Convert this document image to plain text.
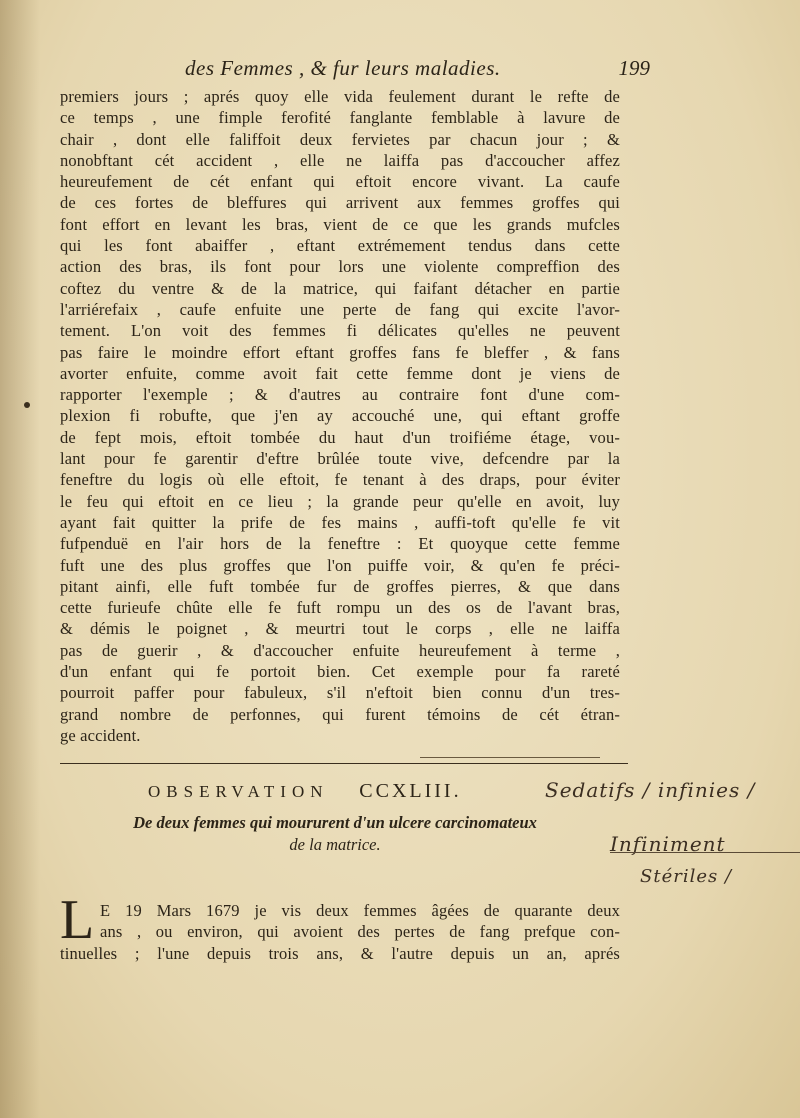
des Femmes , & fur leurs maladies.	199
premiers jours ; aprés quoy elle vida feulement durant le refte de
ce temps , une fimple ferofité fanglante femblable à lavure de
chair , dont elle faliffoit deux fervietes par chacun jour ; &
nonobftant cét accident , elle ne laiffa pas d'accoucher affez
heureufement de cét enfant qui eftoit encore vivant. La caufe
de ces fortes de bleffures qui arrivent aux femmes groffes qui
font effort en levant les bras, vient de ce que les grands mufcles
qui les font abaiffer , eftant extrémement tendus dans cette
action des bras, ils font pour lors une violente compreffion des
coftez du ventre & de la matrice, qui faifant détacher en partie
l'arriérefaix , caufe enfuite une perte de fang qui excite l'avor-
tement. L'on voit des femmes fi délicates qu'elles ne peuvent
pas faire le moindre effort eftant groffes fans fe bleffer , & fans
avorter enfuite, comme avoit fait cette femme dont je viens de
rapporter l'exemple ; & d'autres au contraire font d'une com-
plexion fi robufte, que j'en ay accouché une, qui eftant groffe
de fept mois, eftoit tombée du haut d'un troifiéme étage, vou-
lant pour fe garentir d'eftre brûlée toute vive, defcendre par la
feneftre du logis où elle eftoit, fe tenant à des draps, pour éviter
le feu qui eftoit en ce lieu ; la grande peur qu'elle en avoit, luy
ayant fait quitter la prife de fes mains , auffi-toft qu'elle fe vit
fufpenduë en l'air hors de la feneftre : Et quoyque cette femme
fuft une des plus groffes que l'on puiffe voir, & qu'en fe préci-
pitant ainfi, elle fuft tombée fur de groffes pierres, & que dans
cette furieufe chûte elle fe fuft rompu un des os de l'avant bras,
& démis le poignet , & meurtri tout le corps , elle ne laiffa
pas de guerir , & d'accoucher enfuite heureufement à terme ,
d'un enfant qui fe portoit bien. Cet exemple pour fa rareté
pourroit paffer pour fabuleux, s'il n'eftoit bien connu d'un tres-
grand nombre de perfonnes, qui furent témoins de cét étran-
ge accident.
OBSERVATION CCXLIII.
De deux femmes qui moururent d'un ulcere carcinomateux
de la matrice.
Sedatifs / infinies /
Infiniment
Stériles /
L E 19 Mars 1679 je vis deux femmes âgées de quarante deux
ans , ou environ, qui avoient des pertes de fang prefque con-
tinuelles ; l'une depuis trois ans, & l'autre depuis un an, aprés
